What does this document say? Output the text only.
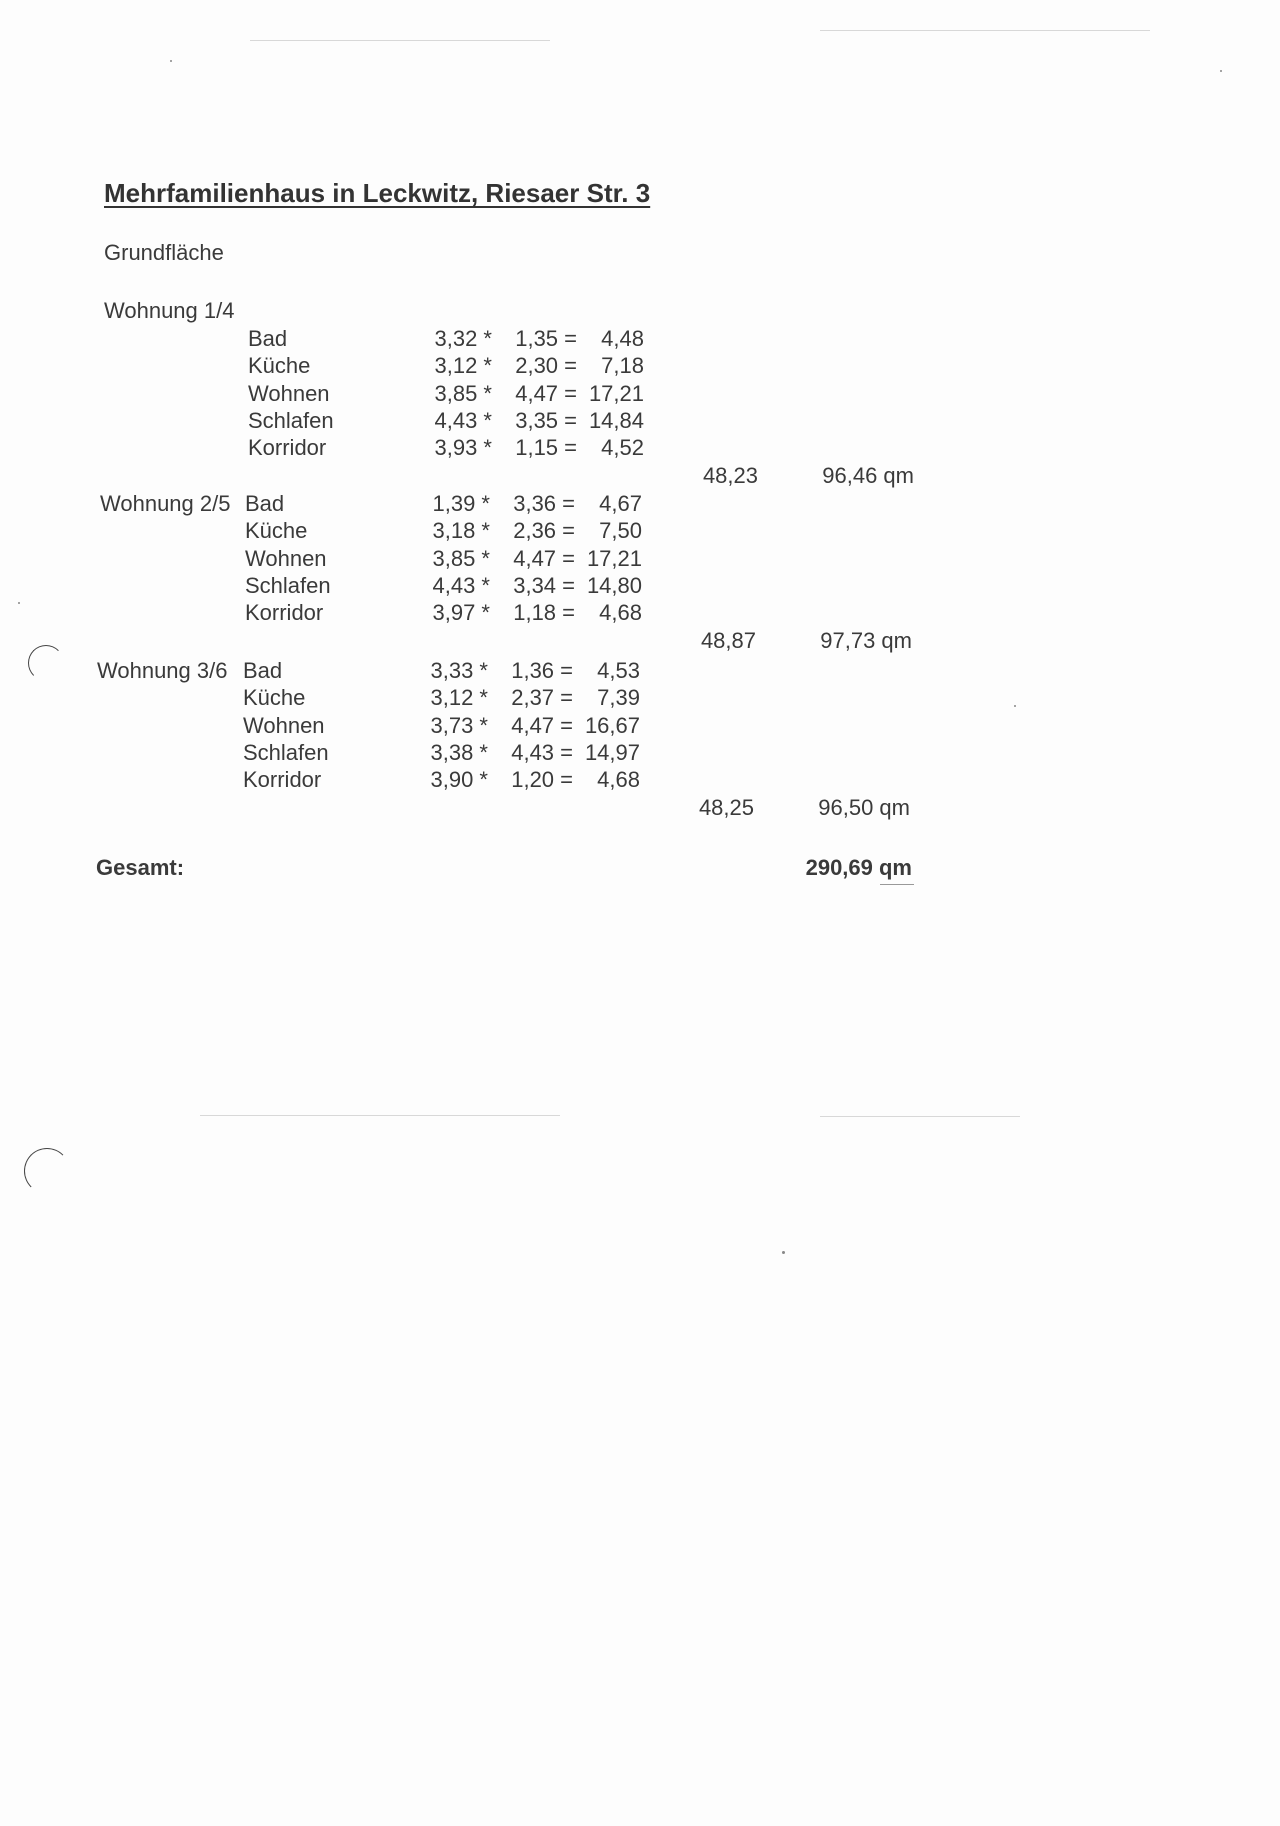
Mehrfamilienhaus in Leckwitz, Riesaer Str. 3
Grundfläche
Wohnung 1/4
Bad	3,32 *	1,35 =	4,48
Küche	3,12 *	2,30 =	7,18
Wohnen	3,85 *	4,47 = 17,21
Schlafen	4,43 *	3,35 = 14,84
Korridor	3,93 *	1,15 =	4,52
48,23	96,46 qm
Wohnung 2/5 Bad	1,39 *	3,36 =	4,67
Küche	3,18 *	2,36 =	7,50
Wohnen	3,85 *	4,47 = 17,21
Schlafen	4,43 *	3,34 = 14,80
Korridor	3,97 *	1,18 =	4,68
48,87	97,73 qm
Wohnung 3/6 Bad	3,33 *	1,36 =	4,53
Küche	3,12 *	2,37 =	7,39
Wohnen	3,73 *	4,47 = 16,67
Schlafen	3,38 *	4,43 = 14,97
Korridor	3,90 *	1,20 =	4,68
48,25	96,50 qm
Gesamt:	290,69 qm
